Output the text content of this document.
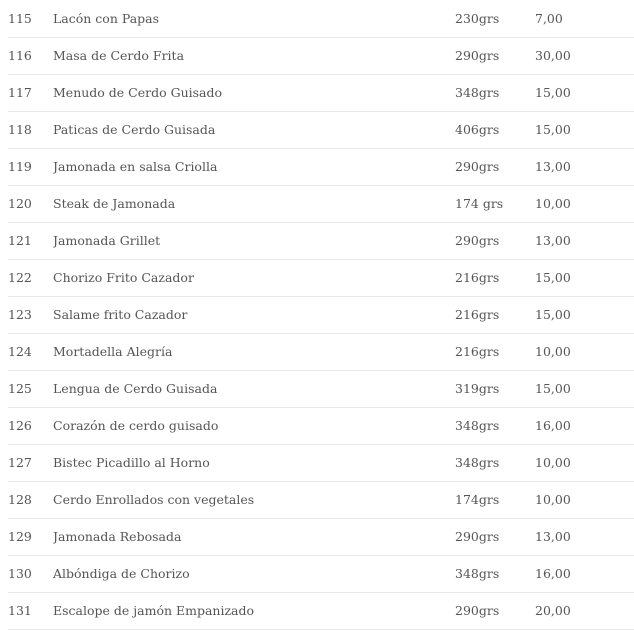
115	Lacón con Papas	230grs	7,00
116	Masa de Cerdo Frita	290grs	30,00
117	Menudo de Cerdo Guisado	348grs	15,00
118	Paticas de Cerdo Guisada	406grs	15,00
119	Jamonada en salsa Criolla	290grs	13,00
120	Steak de Jamonada	174 grs	10,00
121	Jamonada Grillet	290grs	13,00
122	Chorizo Frito Cazador	216grs	15,00
123	Salame frito Cazador	216grs	15,00
124	Mortadella Alegría	216grs	10,00
125	Lengua de Cerdo Guisada	319grs	15,00
126	Corazón de cerdo guisado	348grs	16,00
127	Bistec Picadillo al Horno	348grs	10,00
128	Cerdo Enrollados con vegetales	174grs	10,00
129	Jamonada Rebosada	290grs	13,00
130	Albóndiga de Chorizo	348grs	16,00
131	Escalope de jamón Empanizado	290grs	20,00
